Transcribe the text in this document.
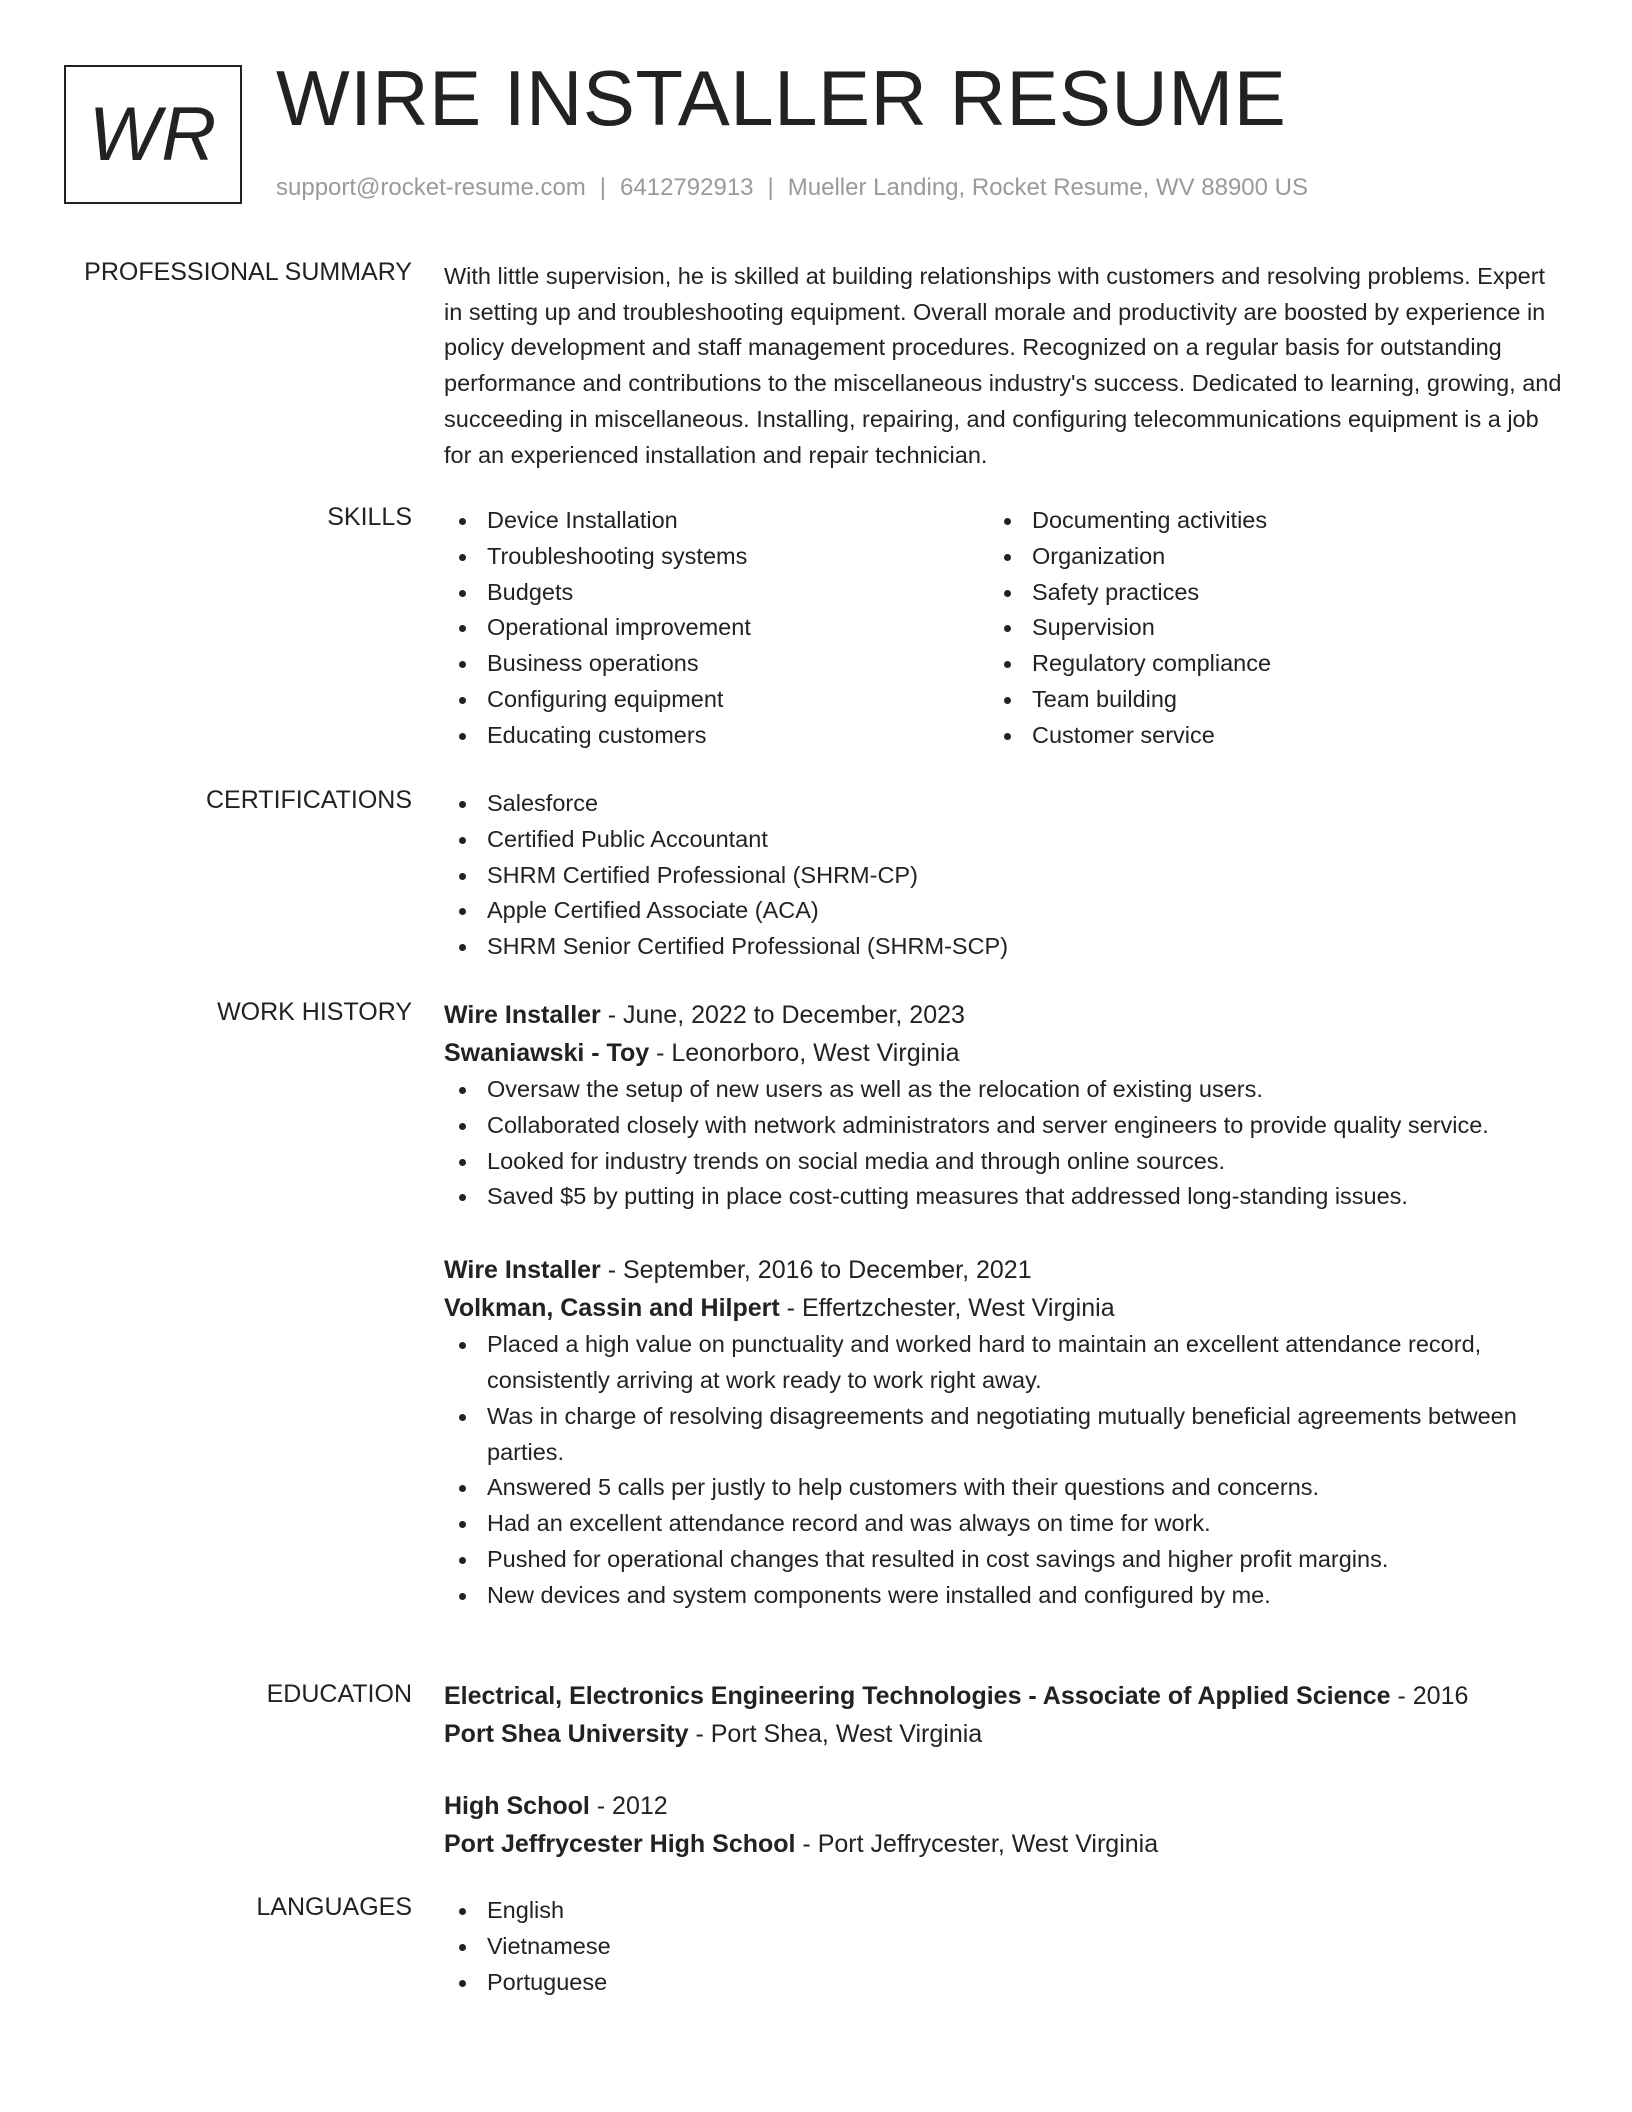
WR WIRE INSTALLER RESUME
support@rocket-resume.com | 6412792913 | Mueller Landing, Rocket Resume, WV 88900 US
PROFESSIONAL SUMMARY With little supervision, he is skilled at building relationships with customers and resolving problems. Expert in setting up and troubleshooting equipment. Overall morale and productivity are boosted by experience in policy development and staff management procedures. Recognized on a regular basis for outstanding performance and contributions to the miscellaneous industry's success. Dedicated to learning, growing, and succeeding in miscellaneous. Installing, repairing, and configuring telecommunications equipment is a job for an experienced installation and repair technician.

SKILLS	Device Installation
Troubleshooting systems
Budgets
Operational improvement
Business operations
Configuring equipment
Educating customers
Documenting activities
Organization
Safety practices
Supervision
Regulatory compliance
Team building
Customer service
CERTIFICATIONS	Salesforce
Certified Public Accountant
SHRM Certified Professional (SHRM-CP)
Apple Certified Associate (ACA)
SHRM Senior Certified Professional (SHRM-SCP)
WORK HISTORY Wire Installer - June, 2022 to December, 2023
Swaniawski - Toy - Leonorboro, West Virginia
Oversaw the setup of new users as well as the relocation of existing users.
Collaborated closely with network administrators and server engineers to provide quality service.
Looked for industry trends on social media and through online sources.
Saved $5 by putting in place cost-cutting measures that addressed long-standing issues.
Wire Installer - September, 2016 to December, 2021
Volkman, Cassin and Hilpert - Effertzchester, West Virginia
Placed a high value on punctuality and worked hard to maintain an excellent attendance record, consistently arriving at work ready to work right away.
Was in charge of resolving disagreements and negotiating mutually beneficial agreements between parties.
Answered 5 calls per justly to help customers with their questions and concerns.
Had an excellent attendance record and was always on time for work.
Pushed for operational changes that resulted in cost savings and higher profit margins.
New devices and system components were installed and configured by me.
EDUCATION Electrical, Electronics Engineering Technologies - Associate of Applied Science - 2016
Port Shea University - Port Shea, West Virginia
High School - 2012
Port Jeffrycester High School - Port Jeffrycester, West Virginia
LANGUAGES	English
Vietnamese
Portuguese
